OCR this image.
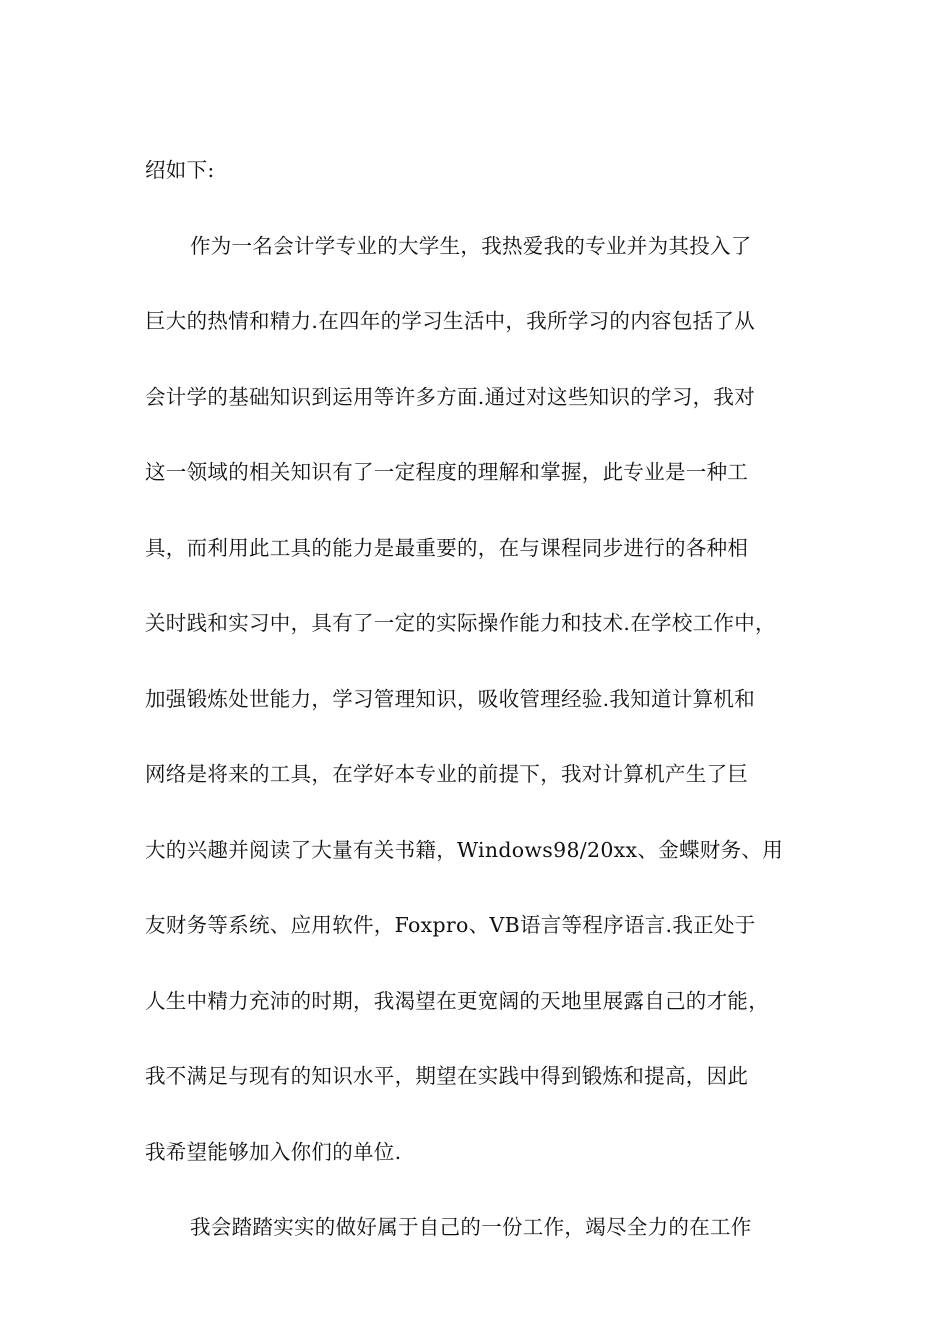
绍如下:
作为一名会计学专业的大学生，我热爱我的专业并为其投入了
巨大的热情和精力.在四年的学习生活中，我所学习的内容包括了从
会计学的基础知识到运用等许多方面.通过对这些知识的学习，我对
这一领域的相关知识有了一定程度的理解和掌握，此专业是一种工
具，而利用此工具的能力是最重要的，在与课程同步进行的各种相
关时践和实习中，具有了一定的实际操作能力和技术.在学校工作中，
加强锻炼处世能力，学习管理知识，吸收管理经验.我知道计算机和
网络是将来的工具，在学好本专业的前提下，我对计算机产生了巨
大的兴趣并阅读了大量有关书籍，Windows98/20xx、金蝶财务、用
友财务等系统、应用软件，Foxpro、VB语言等程序语言.我正处于
人生中精力充沛的时期，我渴望在更宽阔的天地里展露自己的才能，
我不满足与现有的知识水平，期望在实践中得到锻炼和提高，因此
我希望能够加入你们的单位.
我会踏踏实实的做好属于自己的一份工作，竭尽全力的在工作
